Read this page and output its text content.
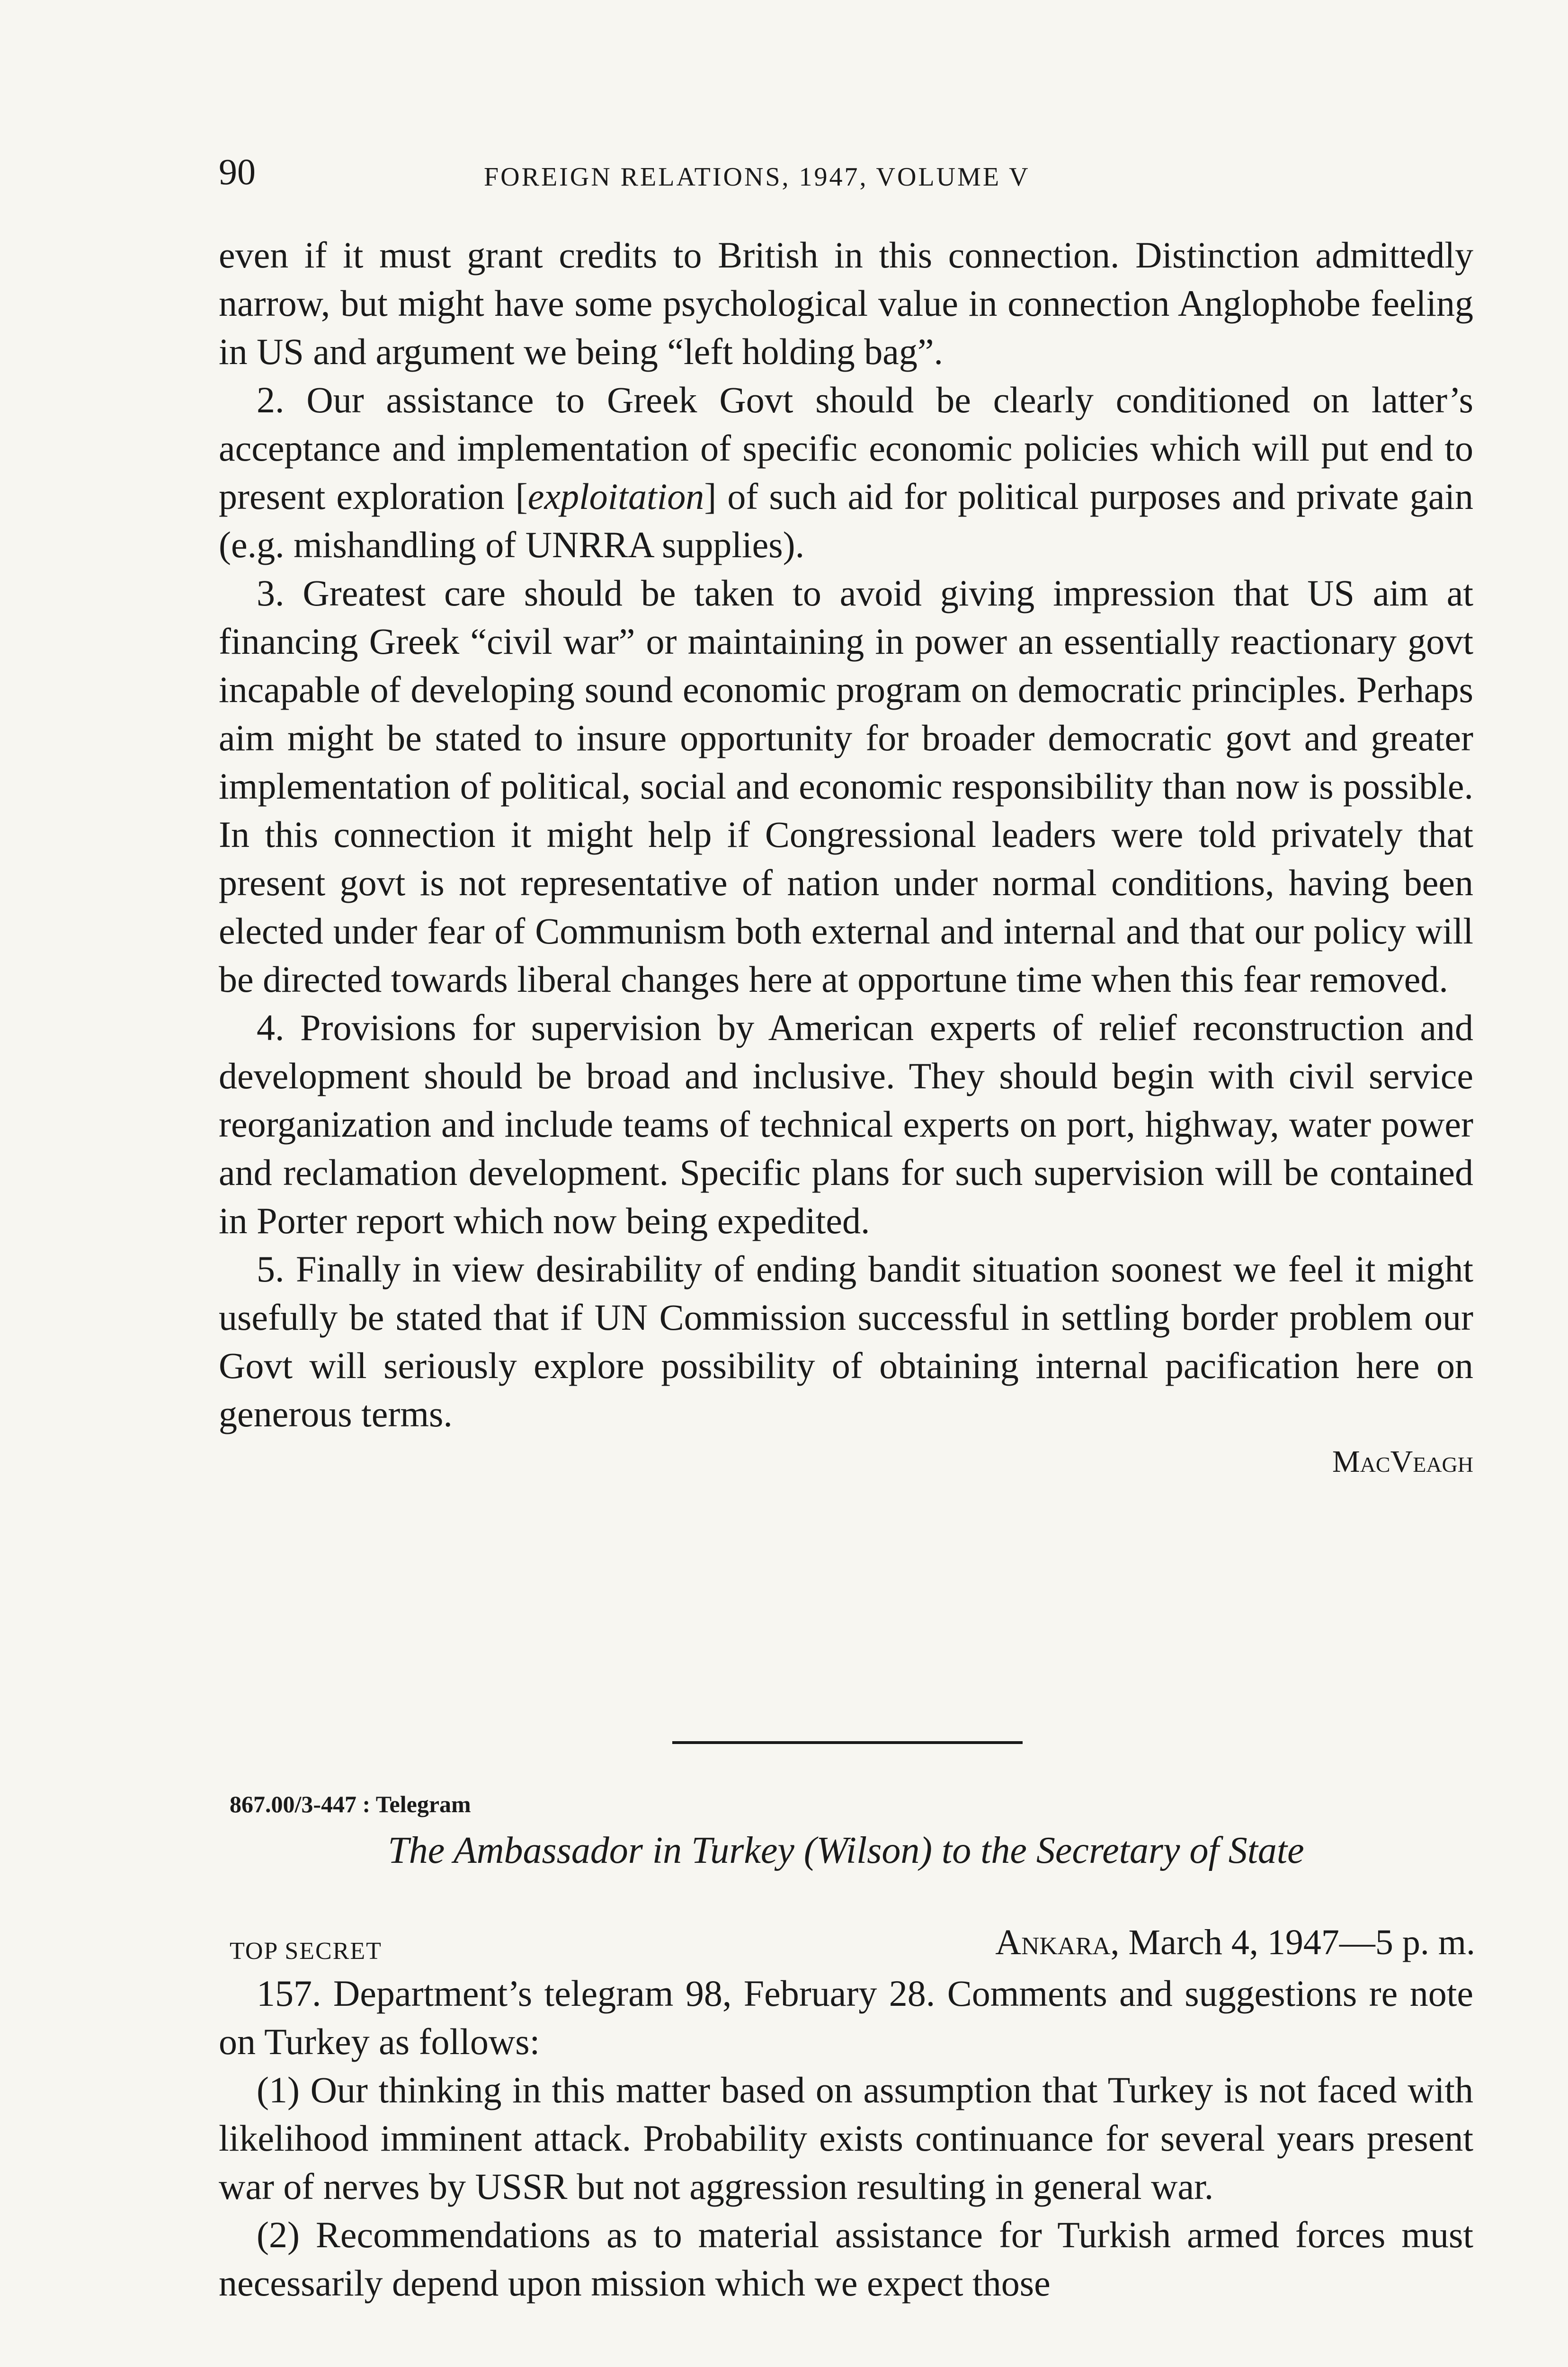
90	FOREIGN RELATIONS, 1947, VOLUME V

even if it must grant credits to British in this connection. Distinction admittedly narrow, but might have some psychological value in connection Anglophobe feeling in US and argument we being “left holding bag”.

2. Our assistance to Greek Govt should be clearly conditioned on latter’s acceptance and implementation of specific economic policies which will put end to present exploration [exploitation] of such aid for political purposes and private gain (e.g. mishandling of UNRRA supplies).

3. Greatest care should be taken to avoid giving impression that US aim at financing Greek “civil war” or maintaining in power an essentially reactionary govt incapable of developing sound economic program on democratic principles. Perhaps aim might be stated to insure opportunity for broader democratic govt and greater implementation of political, social and economic responsibility than now is possible. In this connection it might help if Congressional leaders were told privately that present govt is not representative of nation under normal conditions, having been elected under fear of Communism both external and internal and that our policy will be directed towards liberal changes here at opportune time when this fear removed.

4. Provisions for supervision by American experts of relief reconstruction and development should be broad and inclusive. They should begin with civil service reorganization and include teams of technical experts on port, highway, water power and reclamation development. Specific plans for such supervision will be contained in Porter report which now being expedited.

5. Finally in view desirability of ending bandit situation soonest we feel it might usefully be stated that if UN Commission successful in settling border problem our Govt will seriously explore possibility of obtaining internal pacification here on generous terms.

MacVeagh

867.00/3-447 : Telegram
The Ambassador in Turkey (Wilson) to the Secretary of State
TOP SECRET	Ankara, March 4, 1947—5 p. m.

157. Department’s telegram 98, February 28. Comments and suggestions re note on Turkey as follows:

(1) Our thinking in this matter based on assumption that Turkey is not faced with likelihood imminent attack. Probability exists continuance for several years present war of nerves by USSR but not aggression resulting in general war.

(2) Recommendations as to material assistance for Turkish armed forces must necessarily depend upon mission which we expect those
